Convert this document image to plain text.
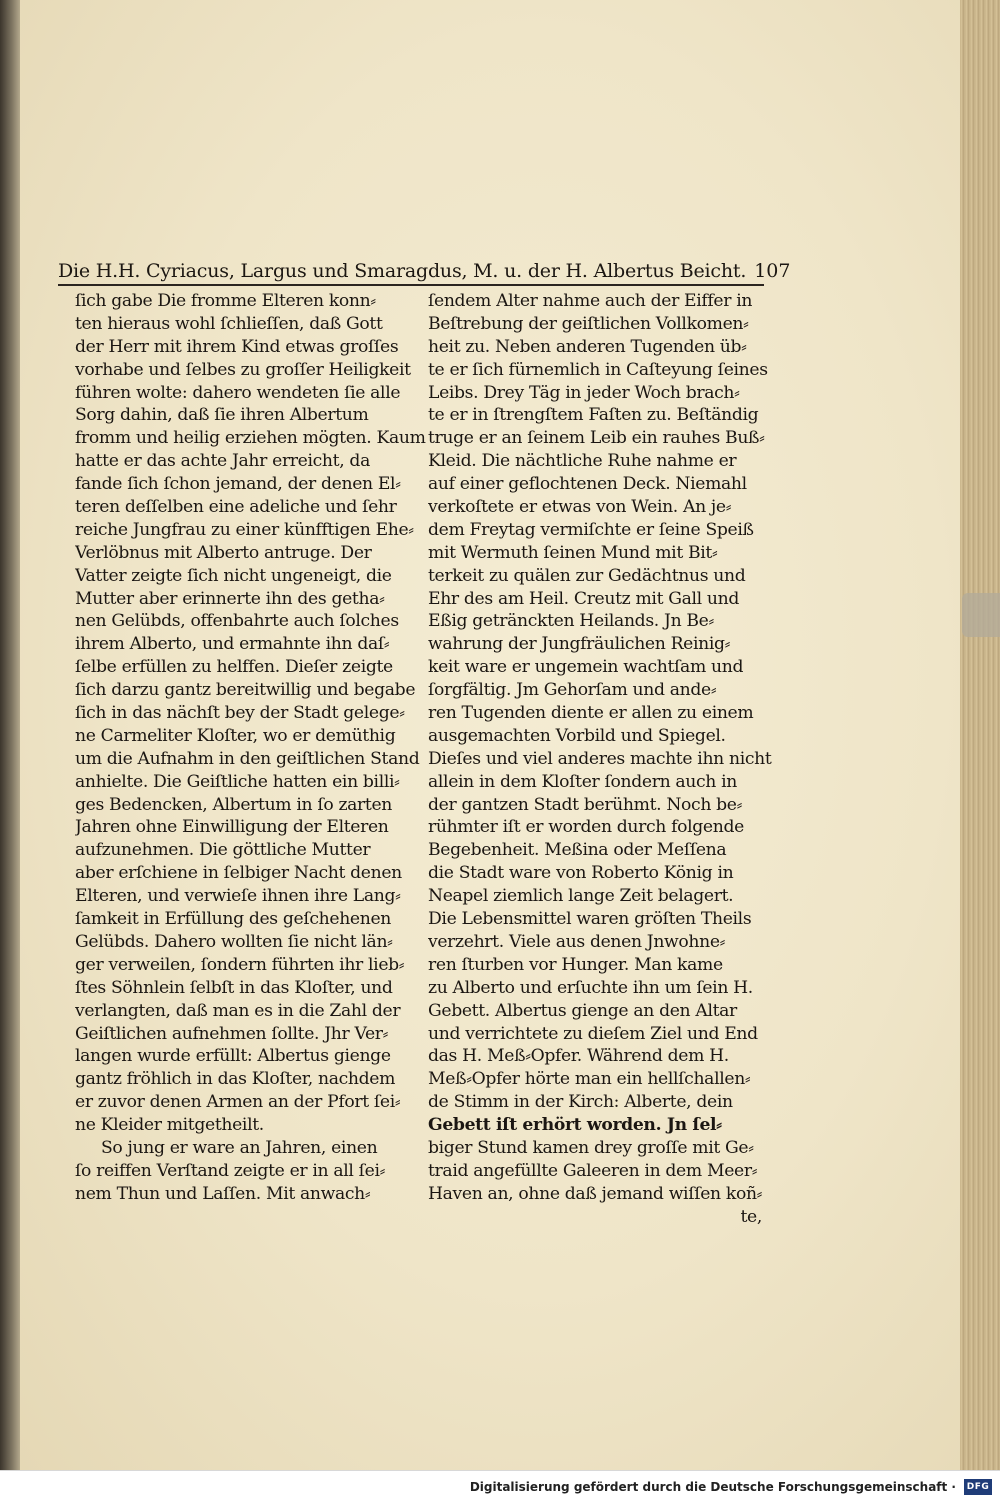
Die H.H. Cyriacus, Largus und Smaragdus, M. u. der H. Albertus Beicht. 107
ſich gabe Die fromme Elteren konn⸗
ten hieraus wohl ſchlieſſen, daß Gott
der Herr mit ihrem Kind etwas groſſes
vorhabe und ſelbes zu groſſer Heiligkeit
führen wolte: dahero wendeten ſie alle
Sorg dahin, daß ſie ihren Albertum
fromm und heilig erziehen mögten. Kaum
hatte er das achte Jahr erreicht, da
fande ſich ſchon jemand, der denen El⸗
teren deſſelben eine adeliche und ſehr
reiche Jungfrau zu einer künfftigen Ehe⸗
Verlöbnus mit Alberto antruge. Der
Vatter zeigte ſich nicht ungeneigt, die
Mutter aber erinnerte ihn des getha⸗
nen Gelübds, offenbahrte auch ſolches
ihrem Alberto, und ermahnte ihn daſ⸗
ſelbe erfüllen zu helffen. Dieſer zeigte
ſich darzu gantz bereitwillig und begabe
ſich in das nächſt bey der Stadt gelege⸗
ne Carmeliter Kloſter, wo er demüthig
um die Aufnahm in den geiſtlichen Stand
anhielte. Die Geiſtliche hatten ein billi⸗
ges Bedencken, Albertum in ſo zarten
Jahren ohne Einwilligung der Elteren
aufzunehmen. Die göttliche Mutter
aber erſchiene in ſelbiger Nacht denen
Elteren, und verwieſe ihnen ihre Lang⸗
ſamkeit in Erfüllung des geſchehenen
Gelübds. Dahero wollten ſie nicht län⸗
ger verweilen, ſondern führten ihr lieb⸗
ſtes Söhnlein ſelbſt in das Kloſter, und
verlangten, daß man es in die Zahl der
Geiſtlichen aufnehmen ſollte. Jhr Ver⸗
langen wurde erfüllt: Albertus gienge
gantz fröhlich in das Kloſter, nachdem
er zuvor denen Armen an der Pfort ſei⸗
ne Kleider mitgetheilt.
So jung er ware an Jahren, einen
ſo reiffen Verſtand zeigte er in all ſei⸗
nem Thun und Laſſen. Mit anwach⸗
ſendem Alter nahme auch der Eiffer in
Beſtrebung der geiſtlichen Vollkomen⸗
heit zu. Neben anderen Tugenden üb⸗
te er ſich fürnemlich in Caſteyung ſeines
Leibs. Drey Täg in jeder Woch brach⸗
te er in ſtrengſtem Faſten zu. Beſtändig
truge er an ſeinem Leib ein rauhes Buß⸗
Kleid. Die nächtliche Ruhe nahme er
auf einer geflochtenen Deck. Niemahl
verkoſtete er etwas von Wein. An je⸗
dem Freytag vermiſchte er ſeine Speiß
mit Wermuth ſeinen Mund mit Bit⸗
terkeit zu quälen zur Gedächtnus und
Ehr des am Heil. Creutz mit Gall und
Eßig getränckten Heilands. Jn Be⸗
wahrung der Jungfräulichen Reinig⸗
keit ware er ungemein wachtſam und
ſorgfältig. Jm Gehorſam und ande⸗
ren Tugenden diente er allen zu einem
ausgemachten Vorbild und Spiegel.
Dieſes und viel anderes machte ihn nicht
allein in dem Kloſter ſondern auch in
der gantzen Stadt berühmt. Noch be⸗
rühmter iſt er worden durch folgende
Begebenheit. Meßina oder Meſſena
die Stadt ware von Roberto König in
Neapel ziemlich lange Zeit belagert.
Die Lebensmittel waren gröſten Theils
verzehrt. Viele aus denen Jnwohne⸗
ren ſturben vor Hunger. Man kame
zu Alberto und erſuchte ihn um ſein H.
Gebett. Albertus gienge an den Altar
und verrichtete zu dieſem Ziel und End
das H. Meß⸗Opfer. Während dem H.
Meß⸗Opfer hörte man ein hellſchallen⸗
de Stimm in der Kirch: Alberte, dein
Gebett iſt erhört worden. Jn ſel⸗
biger Stund kamen drey groſſe mit Ge⸗
traid angefüllte Galeeren in dem Meer⸗
Haven an, ohne daß jemand wiſſen koñ⸗
te,
Digitalisierung gefördert durch die Deutsche Forschungsgemeinschaft ·	DFG
